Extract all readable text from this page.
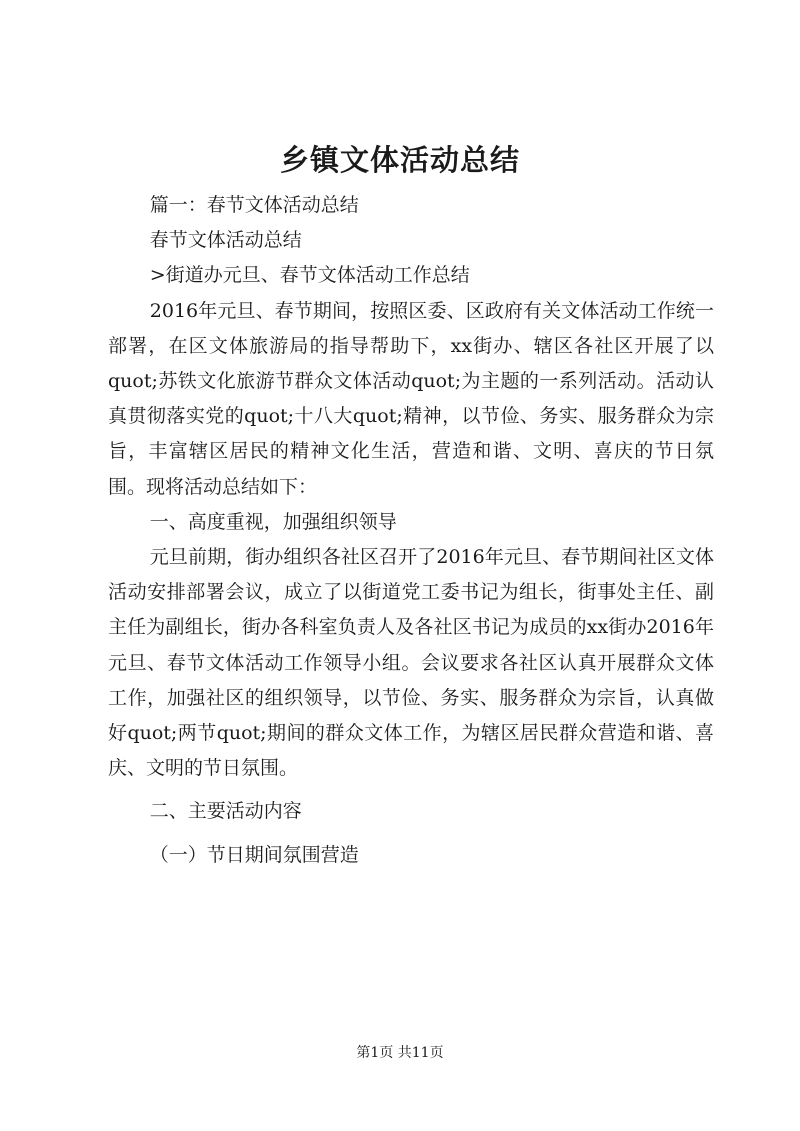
乡镇文体活动总结

篇一：春节文体活动总结

春节文体活动总结

>街道办元旦、春节文体活动工作总结

2016年元旦、春节期间，按照区委、区政府有关文体活动工作统一部署，在区文体旅游局的指导帮助下，xx街办、辖区各社区开展了以quot;苏铁文化旅游节群众文体活动quot;为主题的一系列活动。活动认真贯彻落实党的quot;十八大quot;精神，以节俭、务实、服务群众为宗旨，丰富辖区居民的精神文化生活，营造和谐、文明、喜庆的节日氛围。现将活动总结如下：

一、高度重视，加强组织领导

元旦前期，街办组织各社区召开了2016年元旦、春节期间社区文体活动安排部署会议，成立了以街道党工委书记为组长，街事处主任、副主任为副组长，街办各科室负责人及各社区书记为成员的xx街办2016年元旦、春节文体活动工作领导小组。会议要求各社区认真开展群众文体工作，加强社区的组织领导，以节俭、务实、服务群众为宗旨，认真做好quot;两节quot;期间的群众文体工作，为辖区居民群众营造和谐、喜庆、文明的节日氛围。

二、主要活动内容

（一）节日期间氛围营造

第1页 共11页
